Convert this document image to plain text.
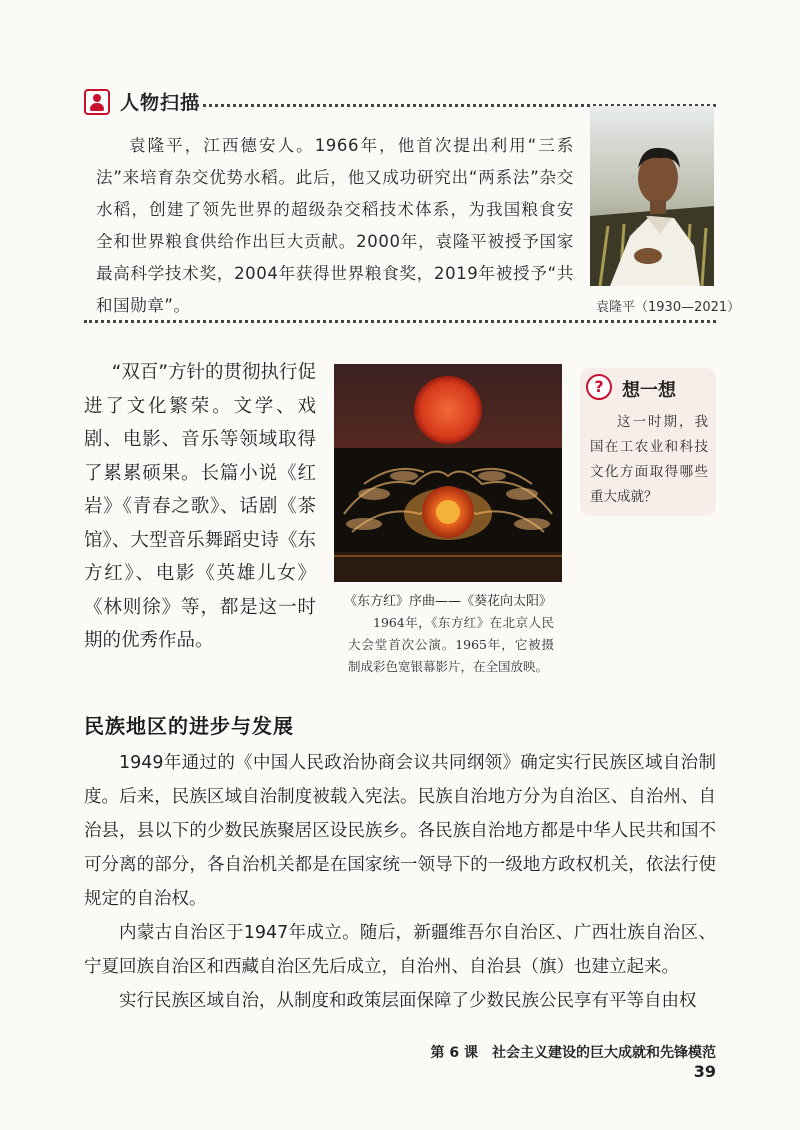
人物扫描
袁隆平，江西德安人。1966年，他首次提出利用“三系法”来培育杂交优势水稻。此后，他又成功研究出“两系法”杂交水稻，创建了领先世界的超级杂交稻技术体系，为我国粮食安全和世界粮食供给作出巨大贡献。2000年，袁隆平被授予国家最高科学技术奖，2004年获得世界粮食奖，2019年被授予“共和国勋章”。	袁隆平（1930—2021）
“双百”方针的贯彻执行促进了文化繁荣。文学、戏剧、电影、音乐等领域取得了累累硕果。长篇小说《红岩》《青春之歌》、话剧《茶馆》、大型音乐舞蹈史诗《东方红》、电影《英雄儿女》《林则徐》等，都是这一时期的优秀作品。
《东方红》序曲——《葵花向太阳》
1964年，《东方红》在北京人民大会堂首次公演。1965年，它被摄制成彩色宽银幕影片，在全国放映。
?	想一想
这一时期，我国在工农业和科技文化方面取得哪些重大成就？
民族地区的进步与发展
1949年通过的《中国人民政治协商会议共同纲领》确定实行民族区域自治制度。后来，民族区域自治制度被载入宪法。民族自治地方分为自治区、自治州、自治县，县以下的少数民族聚居区设民族乡。各民族自治地方都是中华人民共和国不可分离的部分，各自治机关都是在国家统一领导下的一级地方政权机关，依法行使规定的自治权。
内蒙古自治区于1947年成立。随后，新疆维吾尔自治区、广西壮族自治区、宁夏回族自治区和西藏自治区先后成立，自治州、自治县（旗）也建立起来。
实行民族区域自治，从制度和政策层面保障了少数民族公民享有平等自由权
第 6 课　社会主义建设的巨大成就和先锋模范39
